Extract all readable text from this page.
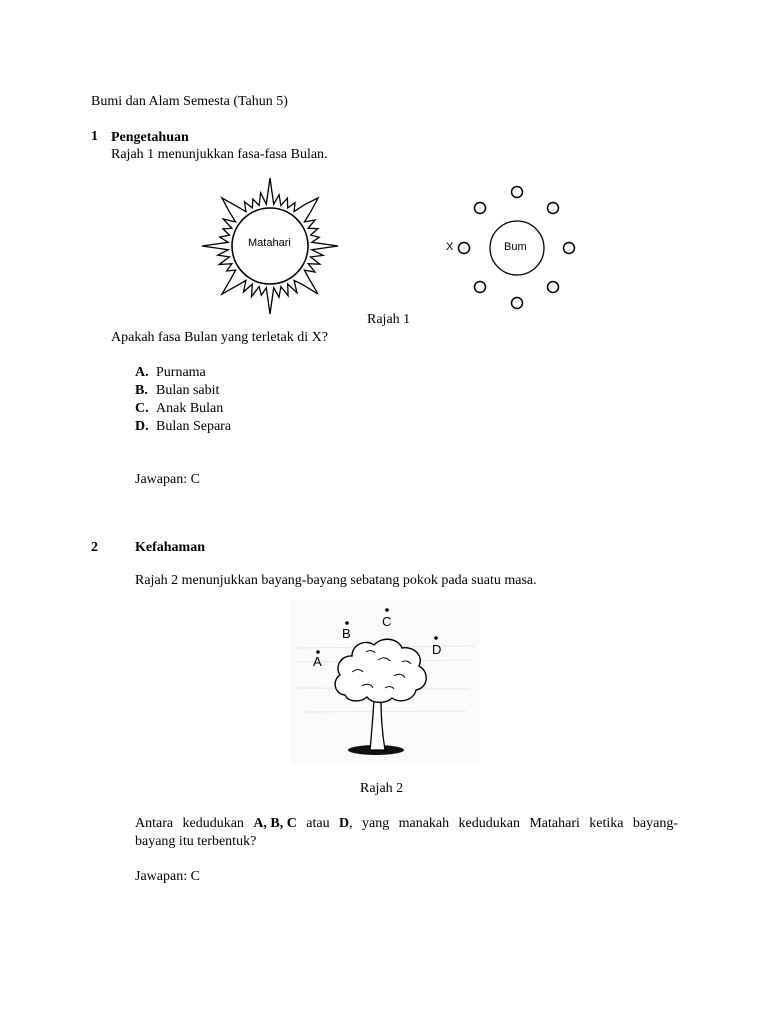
Bumi dan Alam Semesta (Tahun 5)
1 Pengetahuan
Rajah 1 menunjukkan fasa-fasa Bulan.
Matahari	X	Bum
Rajah 1
Apakah fasa Bulan yang terletak di X?
A. Purnama
B. Bulan sabit
C. Anak Bulan
D. Bulan Separa
Jawapan: C
2	Kefahaman
Rajah 2 menunjukkan bayang-bayang sebatang pokok pada suatu masa.
A
B
C
D
Rajah 2
Antara kedudukan A, B, C atau D, yang manakah kedudukan Matahari ketika bayang-
bayang itu terbentuk?
Jawapan: C
